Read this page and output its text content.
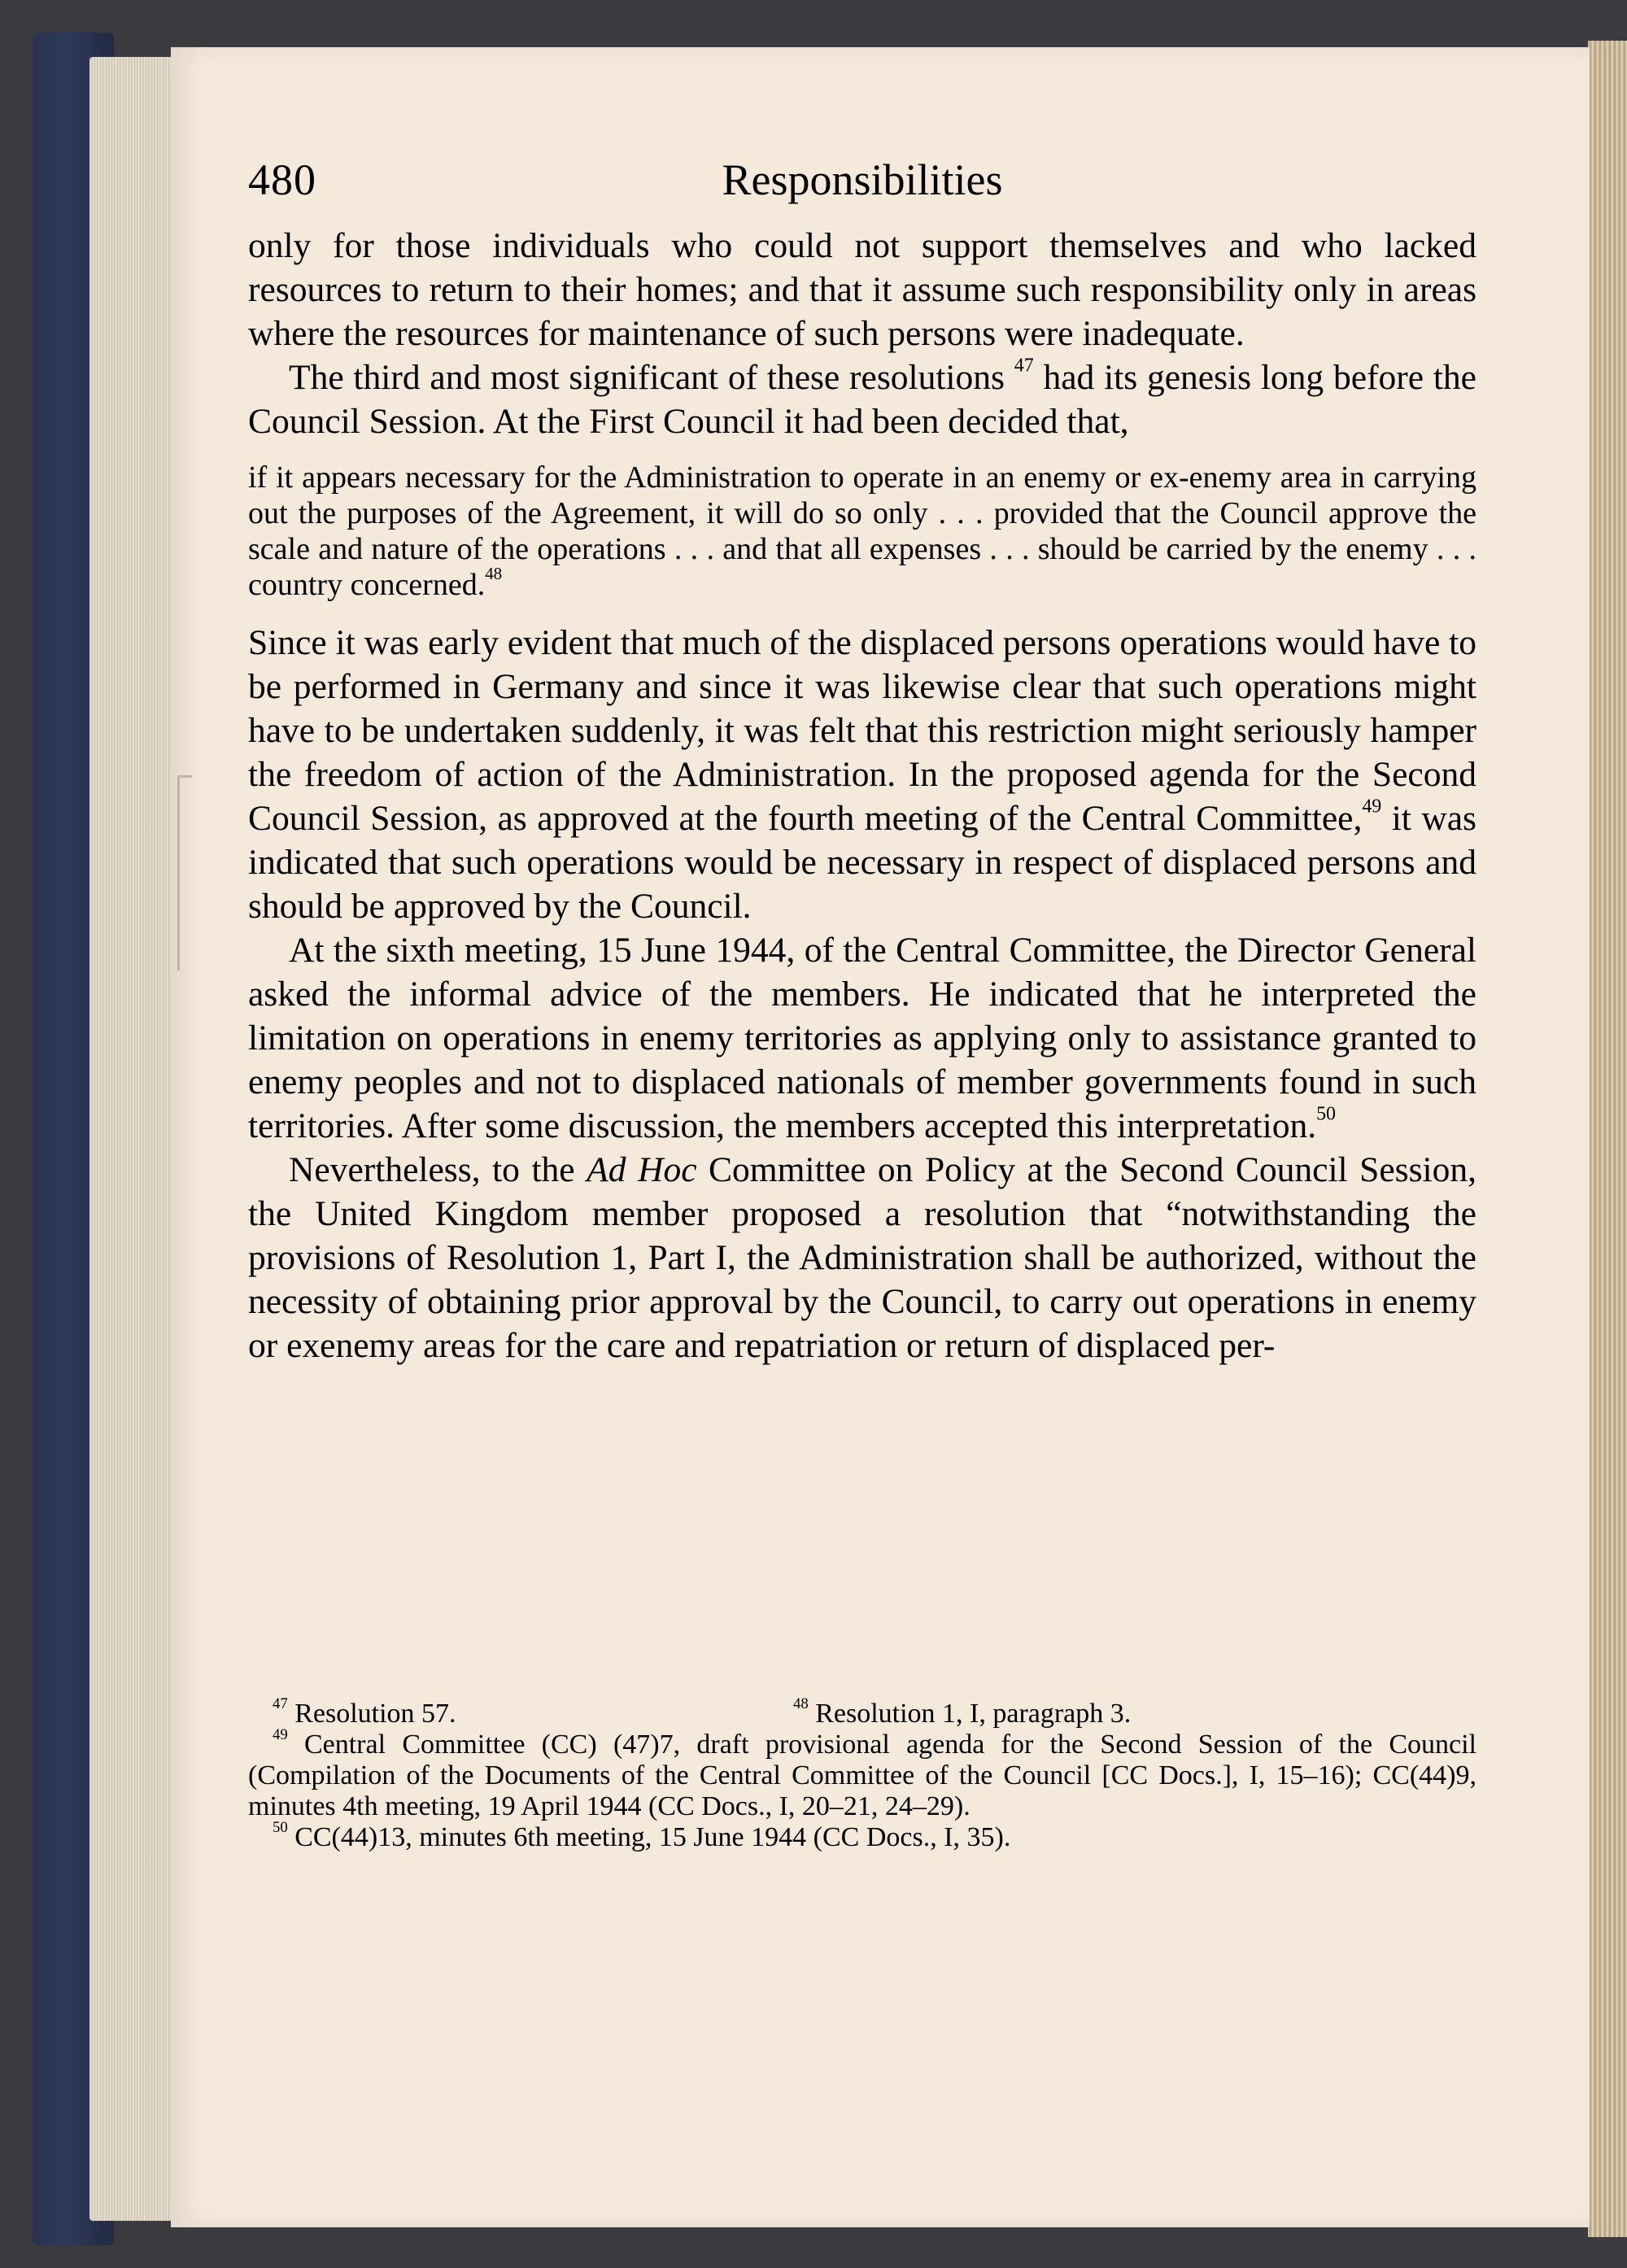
480	Responsibilities

only for those individuals who could not support themselves and who lacked resources to return to their homes; and that it assume such responsibility only in areas where the resources for maintenance of such persons were inadequate.

The third and most significant of these resolutions $^{47}$ had its genesis long before the Council Session. At the First Council it had been decided that,

if it appears necessary for the Administration to operate in an enemy or ex-enemy area in carrying out the purposes of the Agreement, it will do so only . . . provided that the Council approve the scale and nature of the operations . . . and that all expenses . . . should be carried by the enemy . . . country concerned.$^{48}$

Since it was early evident that much of the displaced persons operations would have to be performed in Germany and since it was likewise clear that such operations might have to be undertaken suddenly, it was felt that this restriction might seriously hamper the freedom of action of the Administration. In the proposed agenda for the Second Council Session, as approved at the fourth meeting of the Central Committee,$^{49}$ it was indicated that such operations would be necessary in respect of displaced persons and should be approved by the Council.

At the sixth meeting, 15 June 1944, of the Central Committee, the Director General asked the informal advice of the members. He indicated that he interpreted the limitation on operations in enemy territories as applying only to assistance granted to enemy peoples and not to displaced nationals of member governments found in such territories. After some discussion, the members accepted this interpretation.$^{50}$

Nevertheless, to the Ad Hoc Committee on Policy at the Second Council Session, the United Kingdom member proposed a resolution that “notwithstanding the provisions of Resolution 1, Part I, the Administration shall be authorized, without the necessity of obtaining prior approval by the Council, to carry out operations in enemy or exenemy areas for the care and repatriation or return of displaced per-

$^{47}$ Resolution 57.	$^{48}$ Resolution 1, I, paragraph 3.

$^{49}$ Central Committee (CC) (47)7, draft provisional agenda for the Second Session of the Council (Compilation of the Documents of the Central Committee of the Council [CC Docs.], I, 15–16); CC(44)9, minutes 4th meeting, 19 April 1944 (CC Docs., I, 20–21, 24–29).

$^{50}$ CC(44)13, minutes 6th meeting, 15 June 1944 (CC Docs., I, 35).
